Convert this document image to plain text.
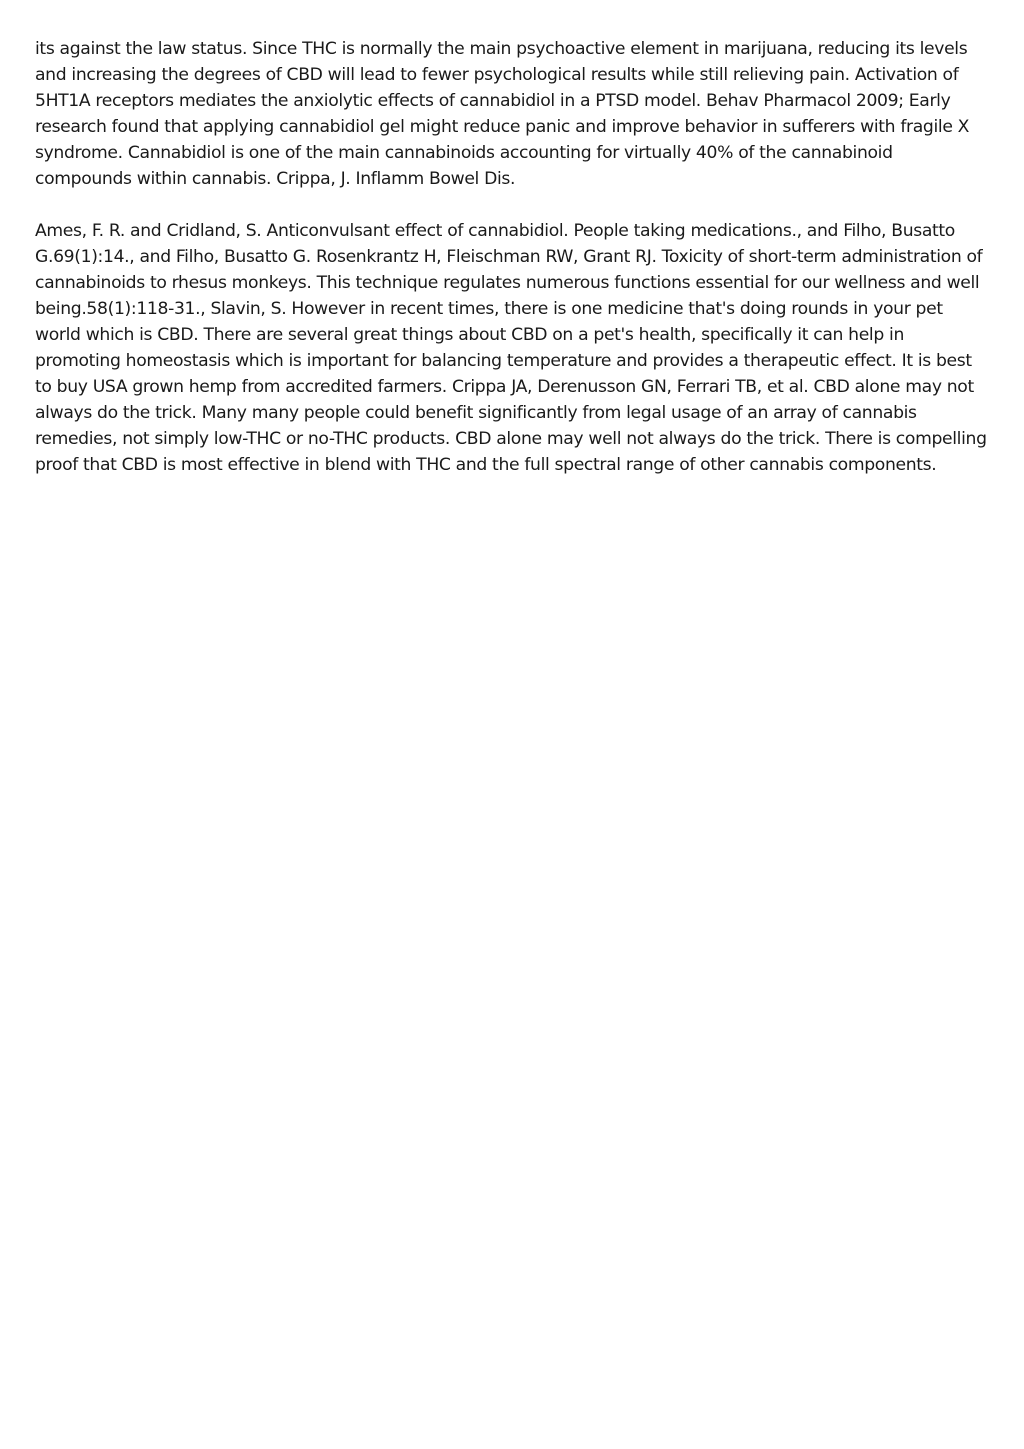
its against the law status. Since THC is normally the main psychoactive element in marijuana, reducing its levels and increasing the degrees of CBD will lead to fewer psychological results while still relieving pain. Activation of 5HT1A receptors mediates the anxiolytic effects of cannabidiol in a PTSD model. Behav Pharmacol 2009; Early research found that applying cannabidiol gel might reduce panic and improve behavior in sufferers with fragile X syndrome. Cannabidiol is one of the main cannabinoids accounting for virtually 40% of the cannabinoid compounds within cannabis. Crippa, J. Inflamm Bowel Dis.

Ames, F. R. and Cridland, S. Anticonvulsant effect of cannabidiol. People taking medications., and Filho, Busatto G.69(1):14., and Filho, Busatto G. Rosenkrantz H, Fleischman RW, Grant RJ. Toxicity of short-term administration of cannabinoids to rhesus monkeys. This technique regulates numerous functions essential for our wellness and well being.58(1):118-31., Slavin, S. However in recent times, there is one medicine that's doing rounds in your pet world which is CBD. There are several great things about CBD on a pet's health, specifically it can help in promoting homeostasis which is important for balancing temperature and provides a therapeutic effect. It is best to buy USA grown hemp from accredited farmers. Crippa JA, Derenusson GN, Ferrari TB, et al. CBD alone may not always do the trick. Many many people could benefit significantly from legal usage of an array of cannabis remedies, not simply low-THC or no-THC products. CBD alone may well not always do the trick. There is compelling proof that CBD is most effective in blend with THC and the full spectral range of other cannabis components.
